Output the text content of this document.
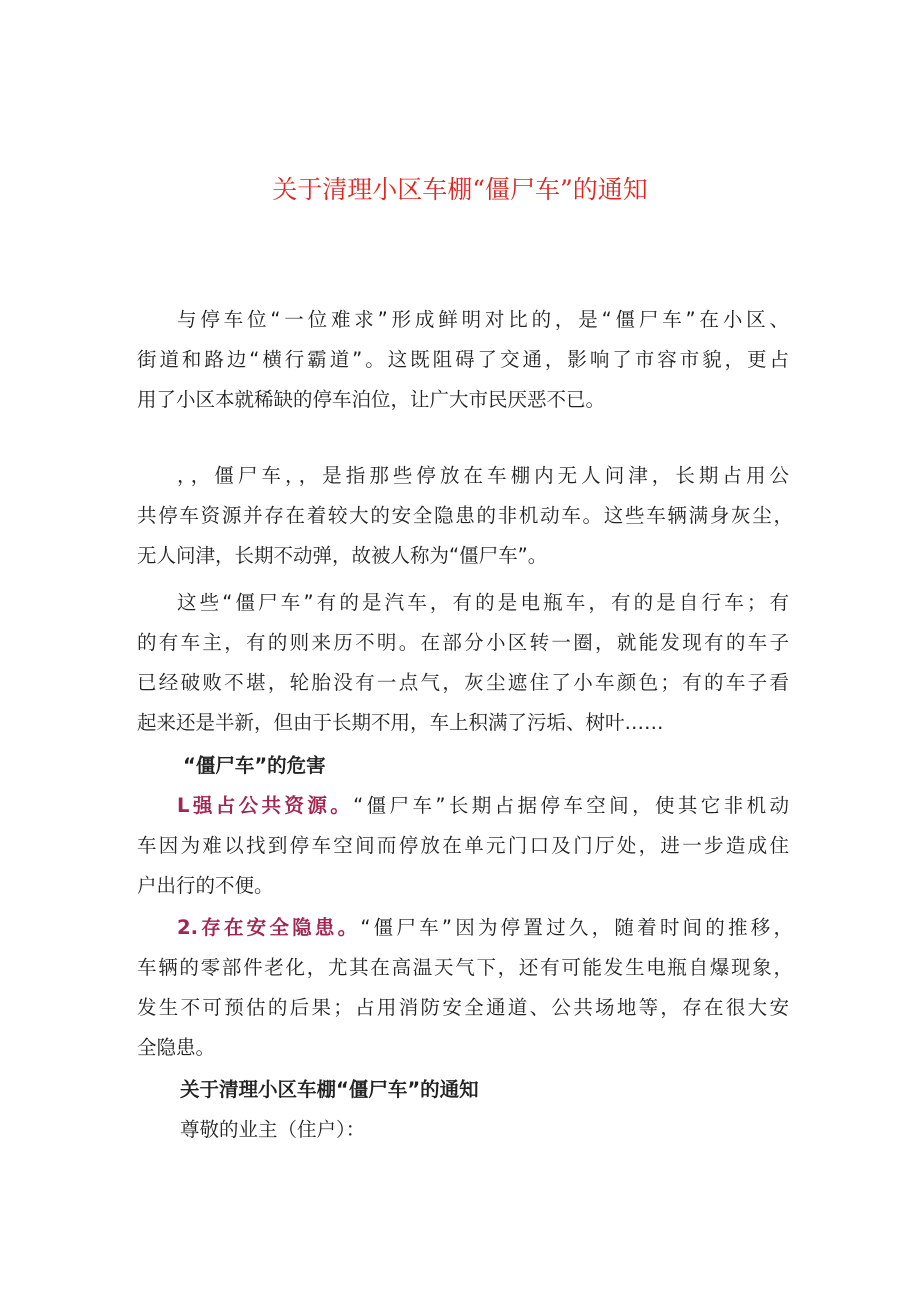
关于清理小区车棚“僵尸车”的通知
与停车位“一位难求”形成鲜明对比的，是“僵尸车”在小区、
街道和路边“横行霸道”。这既阻碍了交通，影响了市容市貌，更占
用了小区本就稀缺的停车泊位，让广大市民厌恶不已。
，，僵尸车，，是指那些停放在车棚内无人问津，长期占用公
共停车资源并存在着较大的安全隐患的非机动车。这些车辆满身灰尘，
无人问津，长期不动弹，故被人称为“僵尸车”。
这些“僵尸车”有的是汽车，有的是电瓶车，有的是自行车；有
的有车主，有的则来历不明。在部分小区转一圈，就能发现有的车子
已经破败不堪，轮胎没有一点气，灰尘遮住了小车颜色；有的车子看
起来还是半新，但由于长期不用，车上积满了污垢、树叶……
“僵尸车”的危害
L强占公共资源。“僵尸车”长期占据停车空间，使其它非机动
车因为难以找到停车空间而停放在单元门口及门厅处，进一步造成住
户出行的不便。
2.存在安全隐患。“僵尸车”因为停置过久，随着时间的推移，
车辆的零部件老化，尤其在高温天气下，还有可能发生电瓶自爆现象，
发生不可预估的后果；占用消防安全通道、公共场地等，存在很大安
全隐患。
关于清理小区车棚“僵尸车”的通知
尊敬的业主（住户）：
